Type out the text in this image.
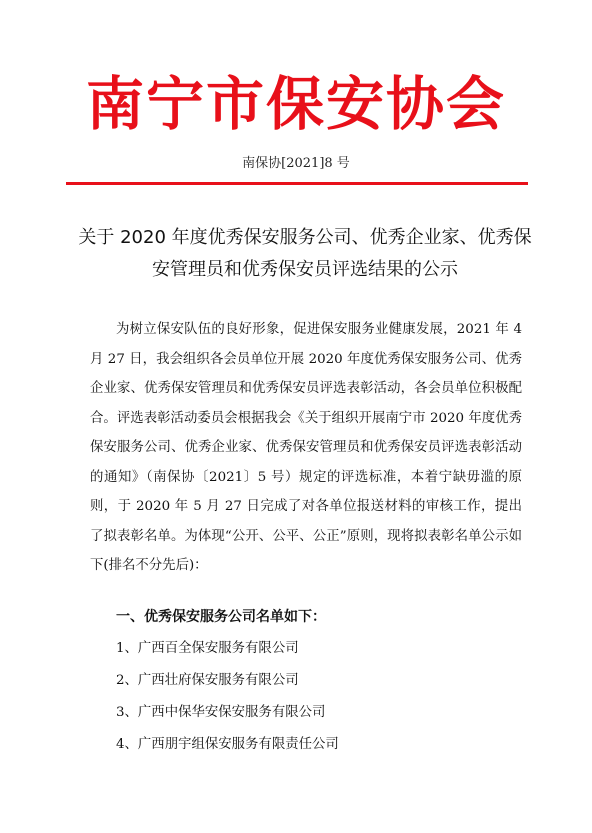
南宁市保安协会
南保协[2021]8 号
关于 2020 年度优秀保安服务公司、优秀企业家、优秀保
安管理员和优秀保安员评选结果的公示

为树立保安队伍的良好形象，促进保安服务业健康发展，2021 年 4 月 27 日，我会组织各会员单位开展 2020 年度优秀保安服务公司、优秀企业家、优秀保安管理员和优秀保安员评选表彰活动，各会员单位积极配合。评选表彰活动委员会根据我会《关于组织开展南宁市 2020 年度优秀保安服务公司、优秀企业家、优秀保安管理员和优秀保安员评选表彰活动的通知》（南保协〔2021〕5 号）规定的评选标准，本着宁缺毋滥的原则，于 2020 年 5 月 27 日完成了对各单位报送材料的审核工作，提出了拟表彰名单。为体现“公开、公平、公正”原则，现将拟表彰名单公示如下(排名不分先后)：

一、优秀保安服务公司名单如下：
1、广西百全保安服务有限公司
2、广西壮府保安服务有限公司
3、广西中保华安保安服务有限公司
4、广西朋宇组保安服务有限责任公司
